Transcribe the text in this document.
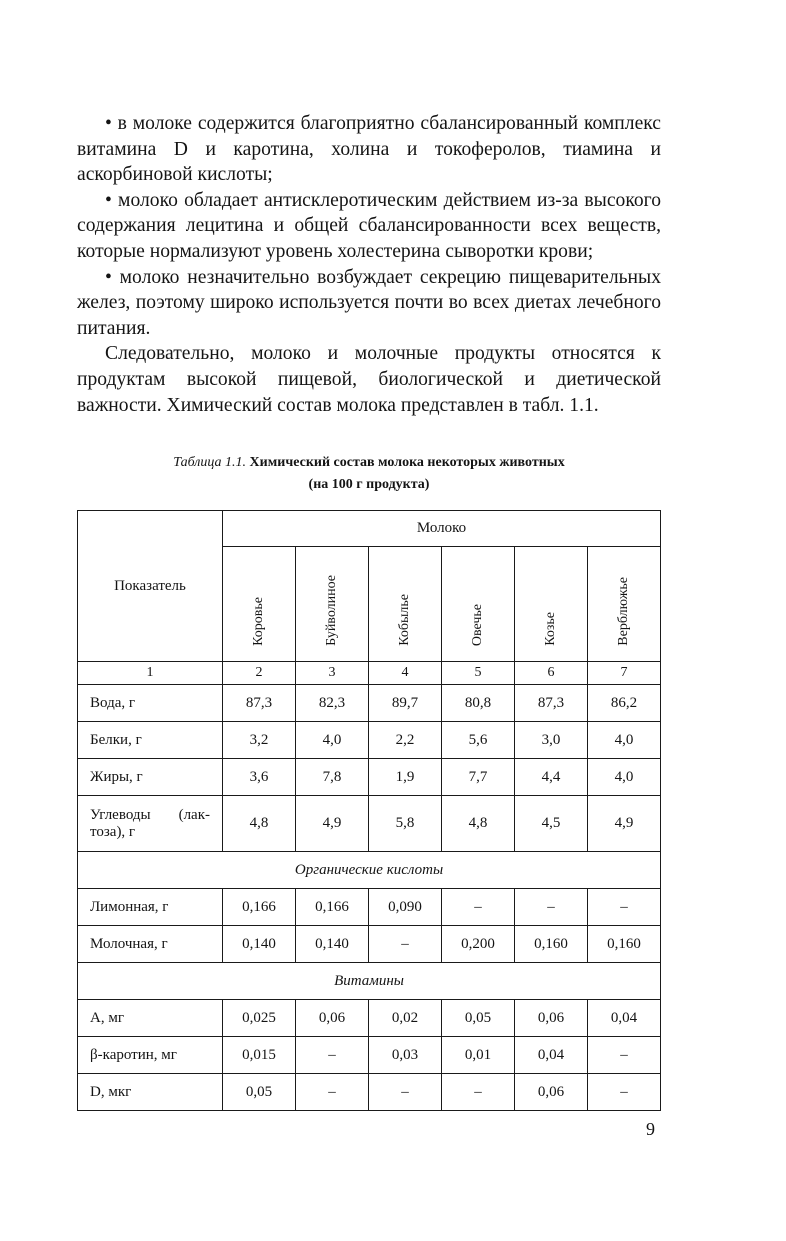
• в молоке содержится благоприятно сбалансированный комплекс витамина D и каротина, холина и токоферолов, тиамина и аскорбиновой кислоты;

• молоко обладает антисклеротическим действием из-за высокого содержания лецитина и общей сбалансированности всех веществ, которые нормализуют уровень холестерина сыворотки крови;

• молоко незначительно возбуждает секрецию пищеварительных желез, поэтому широко используется почти во всех диетах лечебного питания.

Следовательно, молоко и молочные продукты относятся к продуктам высокой пищевой, биологической и диетической важности. Химический состав молока представлен в табл. 1.1.

Таблица 1.1. Химический состав молока некоторых животных
(на 100 г продукта)
Показатель	Молоко					
	Коровье	Буйволиное	Кобылье	Овечье	Козье	Верблюжье
1	2	3	4	5	6	7
Вода, г	87,3	82,3	89,7	80,8	87,3	86,2
Белки, г	3,2	4,0	2,2	5,6	3,0	4,0
Жиры, г	3,6	7,8	1,9	7,7	4,4	4,0

Углеводы (лак-
тоза), г	4,8	4,9	5,8	4,8	4,5	4,9
Органические кислоты						
Лимонная, г	0,166	0,166	0,090	–	–	–
Молочная, г	0,140	0,140	–	0,200	0,160	0,160
Витамины						
А, мг	0,025	0,06	0,02	0,05	0,06	0,04
β-каротин, мг	0,015	–	0,03	0,01	0,04	–
D, мкг	0,05	–	–	–	0,06	–
9
